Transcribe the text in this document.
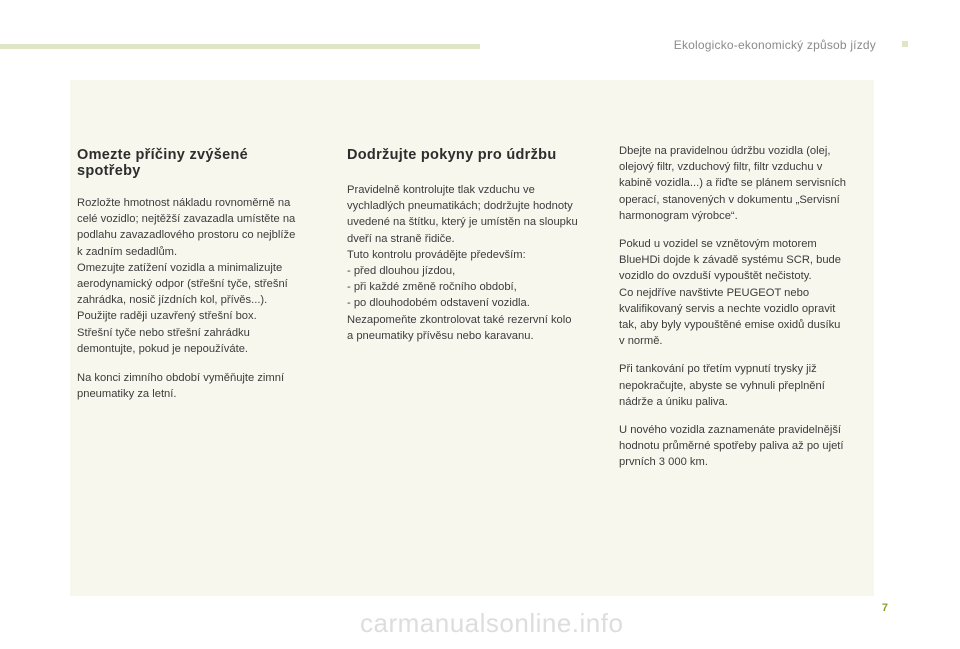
Ekologicko-ekonomický způsob jízdy
Omezte příčiny zvýšené
spotřeby

Rozložte hmotnost nákladu rovnoměrně na
celé vozidlo; nejtěžší zavazadla umístěte na
podlahu zavazadlového prostoru co nejblíže
k zadním sedadlům.
Omezujte zatížení vozidla a minimalizujte
aerodynamický odpor (střešní tyče, střešní
zahrádka, nosič jízdních kol, přívěs...).
Použijte raději uzavřený střešní box.
Střešní tyče nebo střešní zahrádku
demontujte, pokud je nepoužíváte.

Na konci zimního období vyměňujte zimní
pneumatiky za letní.

Dodržujte pokyny pro údržbu

Pravidelně kontrolujte tlak vzduchu ve
vychladlých pneumatikách; dodržujte hodnoty
uvedené na štítku, který je umístěn na sloupku
dveří na straně řidiče.
Tuto kontrolu provádějte především:
- před dlouhou jízdou,
- při každé změně ročního období,
- po dlouhodobém odstavení vozidla.
Nezapomeňte zkontrolovat také rezervní kolo
a pneumatiky přívěsu nebo karavanu.

Dbejte na pravidelnou údržbu vozidla (olej,
olejový filtr, vzduchový filtr, filtr vzduchu v
kabině vozidla...) a řiďte se plánem servisních
operací, stanovených v dokumentu „Servisní
harmonogram výrobce“.

Pokud u vozidel se vznětovým motorem
BlueHDi dojde k závadě systému SCR, bude
vozidlo do ovzduší vypouštět nečistoty.
Co nejdříve navštivte PEUGEOT nebo
kvalifikovaný servis a nechte vozidlo opravit
tak, aby byly vypouštěné emise oxidů dusíku
v normě.

Při tankování po třetím vypnutí trysky již
nepokračujte, abyste se vyhnuli přeplnění
nádrže a úniku paliva.

U nového vozidla zaznamenáte pravidelnější
hodnotu průměrné spotřeby paliva až po ujetí
prvních 3 000 km.

7
carmanualsonline.info
